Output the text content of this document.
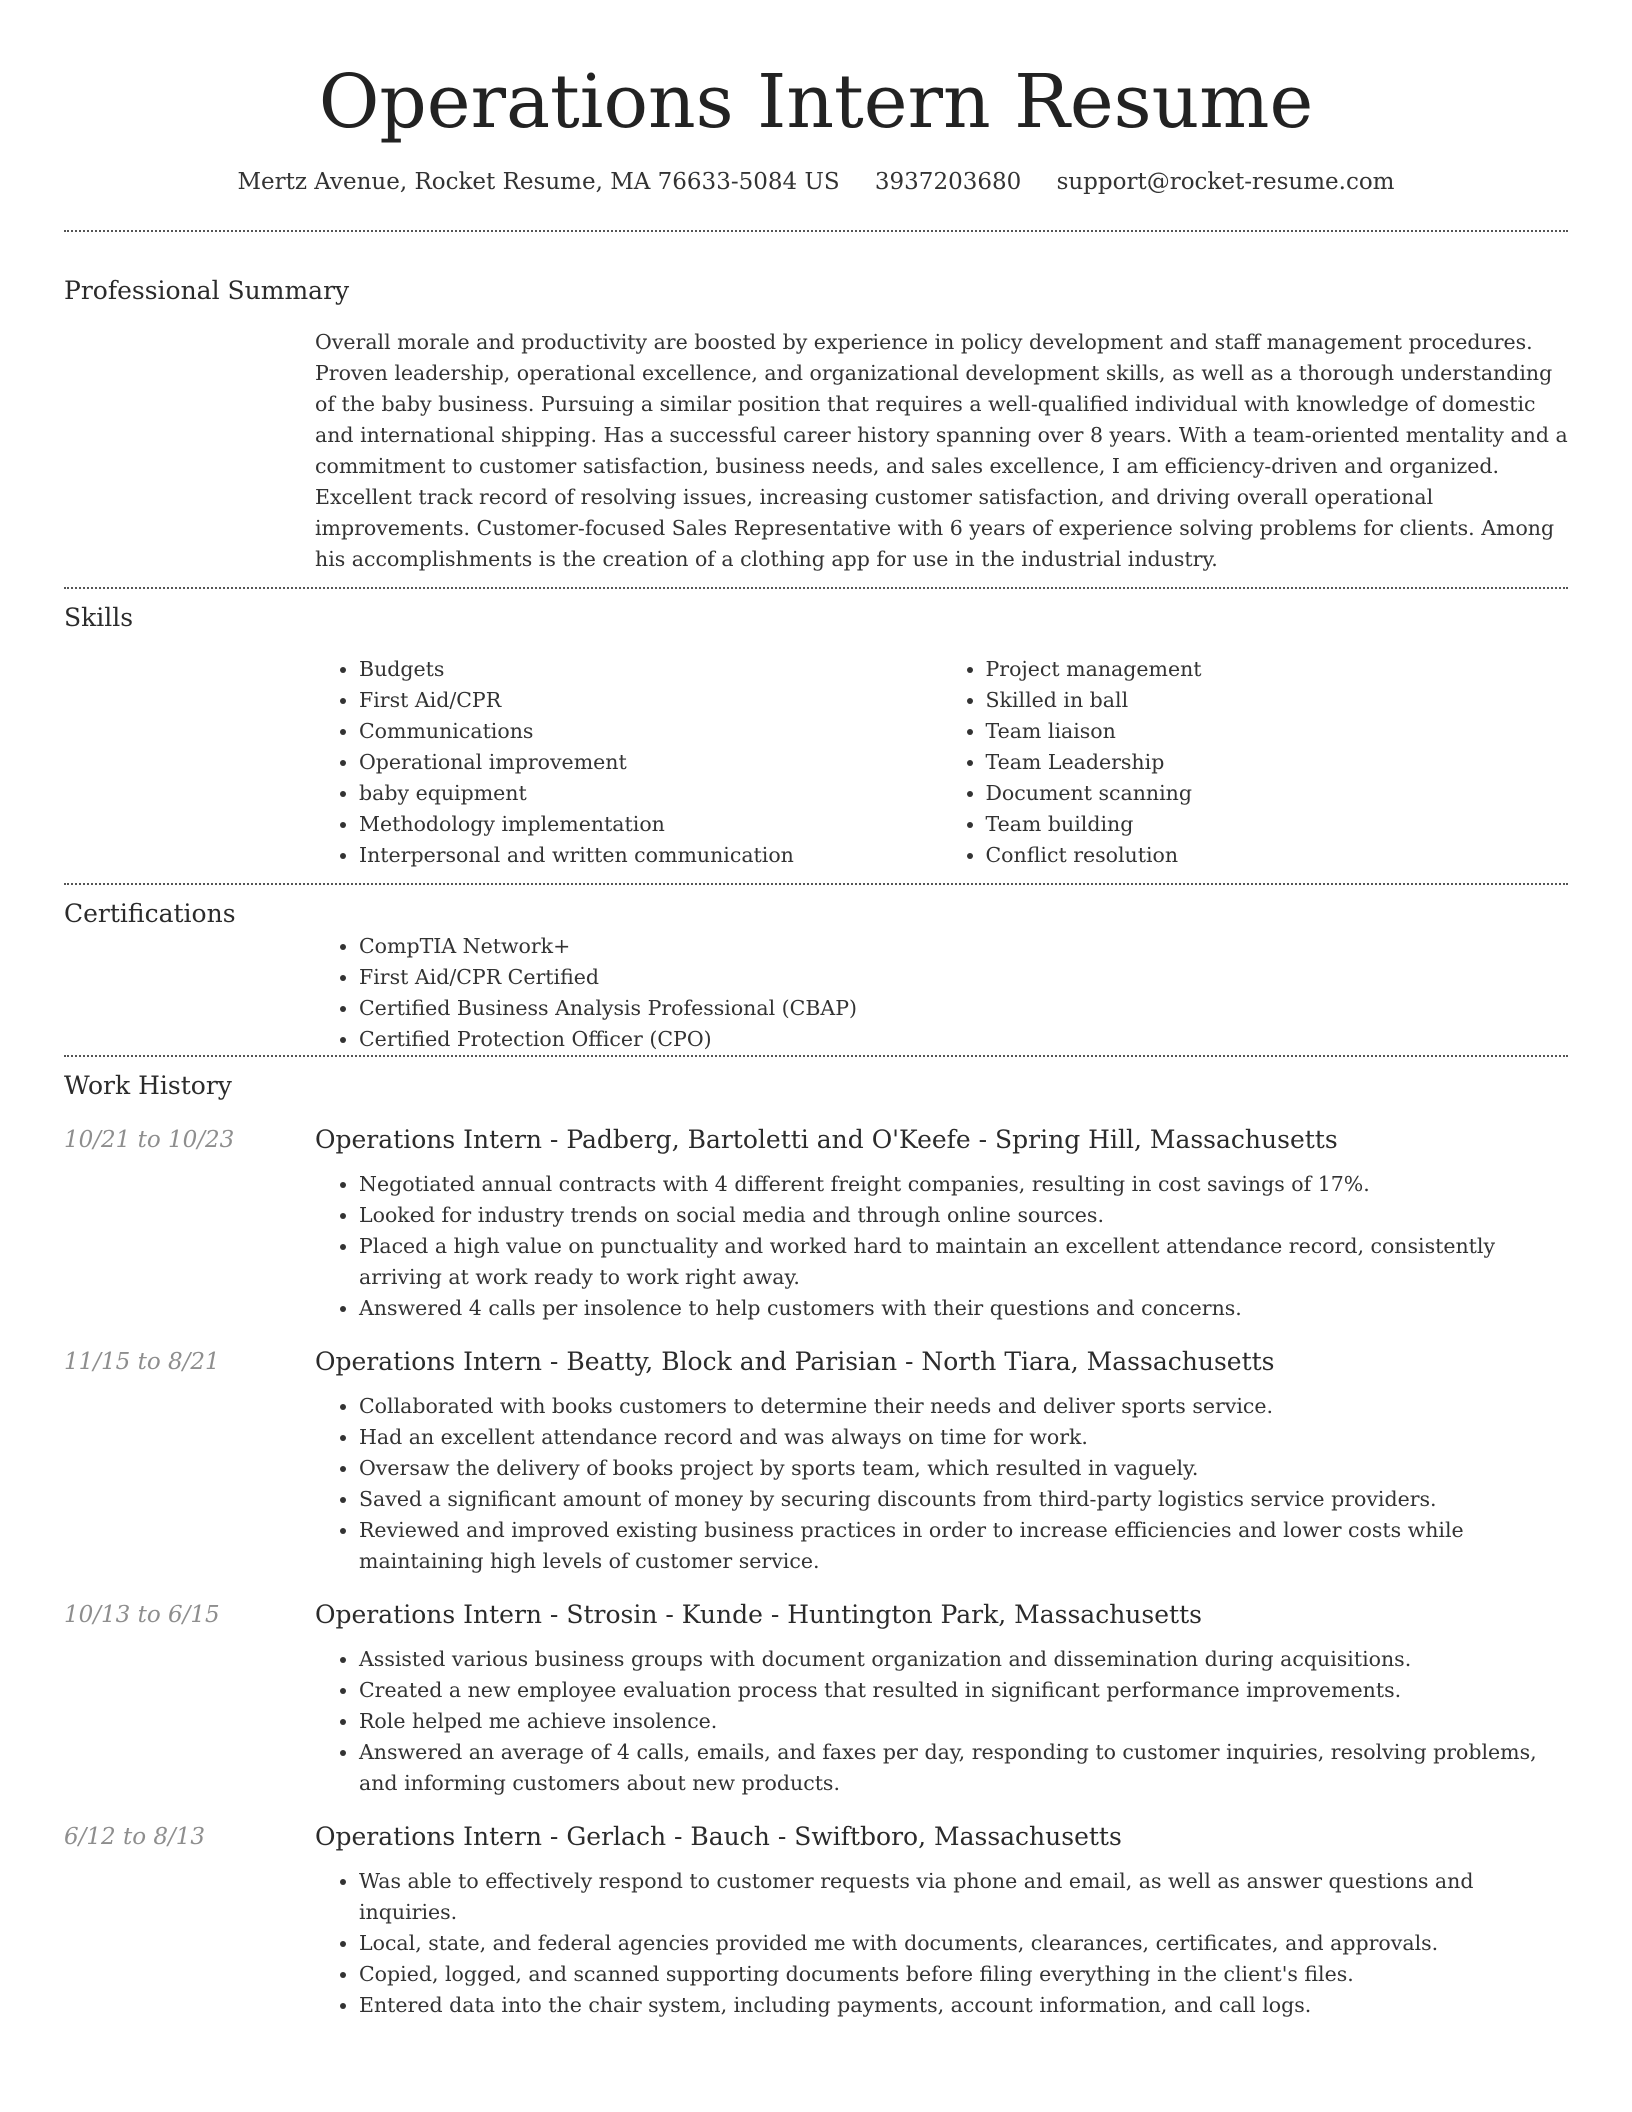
Operations Intern Resume
Mertz Avenue, Rocket Resume, MA 76633-5084 US 3937203680 support@rocket-resume.com
Professional Summary

Overall morale and productivity are boosted by experience in policy development and staff management procedures. Proven leadership, operational excellence, and organizational development skills, as well as a thorough understanding of the baby business. Pursuing a similar position that requires a well-qualified individual with knowledge of domestic and international shipping. Has a successful career history spanning over 8 years. With a team-oriented mentality and a commitment to customer satisfaction, business needs, and sales excellence, I am efficiency-driven and organized. Excellent track record of resolving issues, increasing customer satisfaction, and driving overall operational improvements. Customer-focused Sales Representative with 6 years of experience solving problems for clients. Among his accomplishments is the creation of a clothing app for use in the industrial industry.

Skills
• Budgets
• First Aid/CPR
• Communications
• Operational improvement
• baby equipment
• Methodology implementation
• Interpersonal and written communication
• Project management
• Skilled in ball
• Team liaison
• Team Leadership
• Document scanning
• Team building
• Conflict resolution
Certifications
• CompTIA Network+
• First Aid/CPR Certified
• Certified Business Analysis Professional (CBAP)
• Certified Protection Officer (CPO)
Work History
10/21 to 10/23	Operations Intern - Padberg, Bartoletti and O'Keefe - Spring Hill, Massachusetts
• Negotiated annual contracts with 4 different freight companies, resulting in cost savings of 17%.
• Looked for industry trends on social media and through online sources.
• Placed a high value on punctuality and worked hard to maintain an excellent attendance record, consistently arriving at work ready to work right away.
• Answered 4 calls per insolence to help customers with their questions and concerns.
11/15 to 8/21	Operations Intern - Beatty, Block and Parisian - North Tiara, Massachusetts
• Collaborated with books customers to determine their needs and deliver sports service.
• Had an excellent attendance record and was always on time for work.
• Oversaw the delivery of books project by sports team, which resulted in vaguely.
• Saved a significant amount of money by securing discounts from third-party logistics service providers.
• Reviewed and improved existing business practices in order to increase efficiencies and lower costs while maintaining high levels of customer service.
10/13 to 6/15	Operations Intern - Strosin - Kunde - Huntington Park, Massachusetts
• Assisted various business groups with document organization and dissemination during acquisitions.
• Created a new employee evaluation process that resulted in significant performance improvements.
• Role helped me achieve insolence.
• Answered an average of 4 calls, emails, and faxes per day, responding to customer inquiries, resolving problems, and informing customers about new products.
6/12 to 8/13	Operations Intern - Gerlach - Bauch - Swiftboro, Massachusetts
• Was able to effectively respond to customer requests via phone and email, as well as answer questions and inquiries.
• Local, state, and federal agencies provided me with documents, clearances, certificates, and approvals.
• Copied, logged, and scanned supporting documents before filing everything in the client's files.
• Entered data into the chair system, including payments, account information, and call logs.
